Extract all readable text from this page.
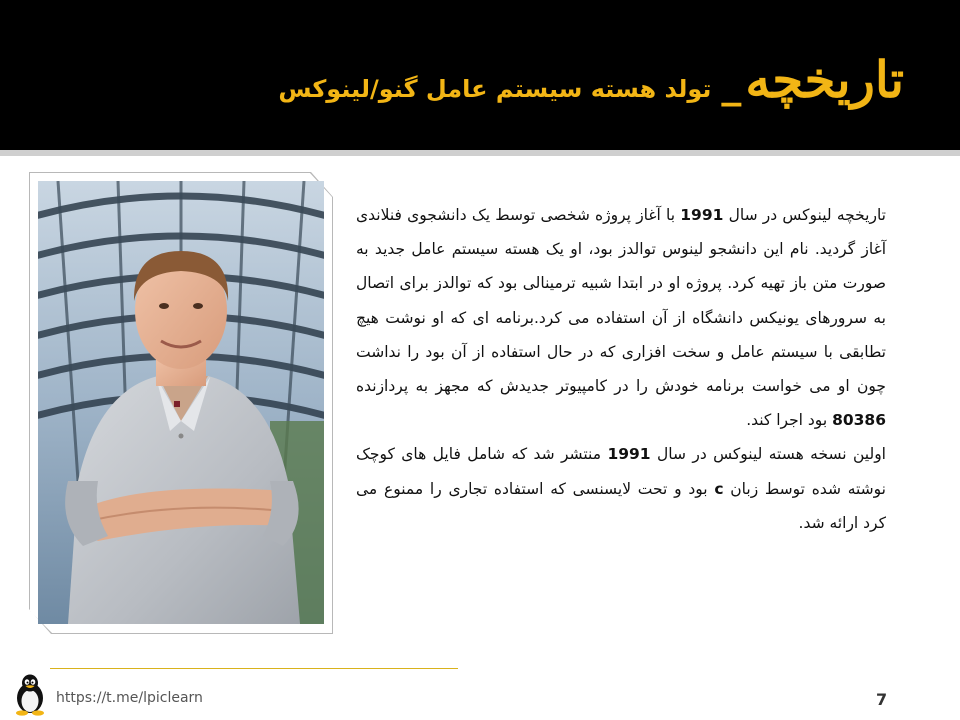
تاریخچه_تولد هسته سیستم عامل گنو/لینوکس

تاریخچه لینوکس در سال 1991 با آغاز پروژه شخصی توسط یک دانشجوی فنلاندی آغاز گردید. نام این دانشجو لینوس توالدز بود، او یک هسته سیستم عامل جدید به صورت متن باز تهیه کرد. پروژه او در ابتدا شبیه ترمینالی بود که توالدز برای اتصال به سرورهای یونیکس دانشگاه از آن استفاده می کرد.برنامه ای که او نوشت هیچ تطابقی با سیستم عامل و سخت افزاری که در حال استفاده از آن بود را نداشت چون او می خواست برنامه خودش را در کامپیوتر جدیدش که مجهز به پردازنده 80386 بود اجرا کند.

اولین نسخه هسته لینوکس در سال 1991 منتشر شد که شامل فایل های کوچک نوشته شده توسط زبان c بود و تحت لایسنسی که استفاده تجاری را ممنوع می کرد ارائه شد.

https://t.me/lpiclearn	7
